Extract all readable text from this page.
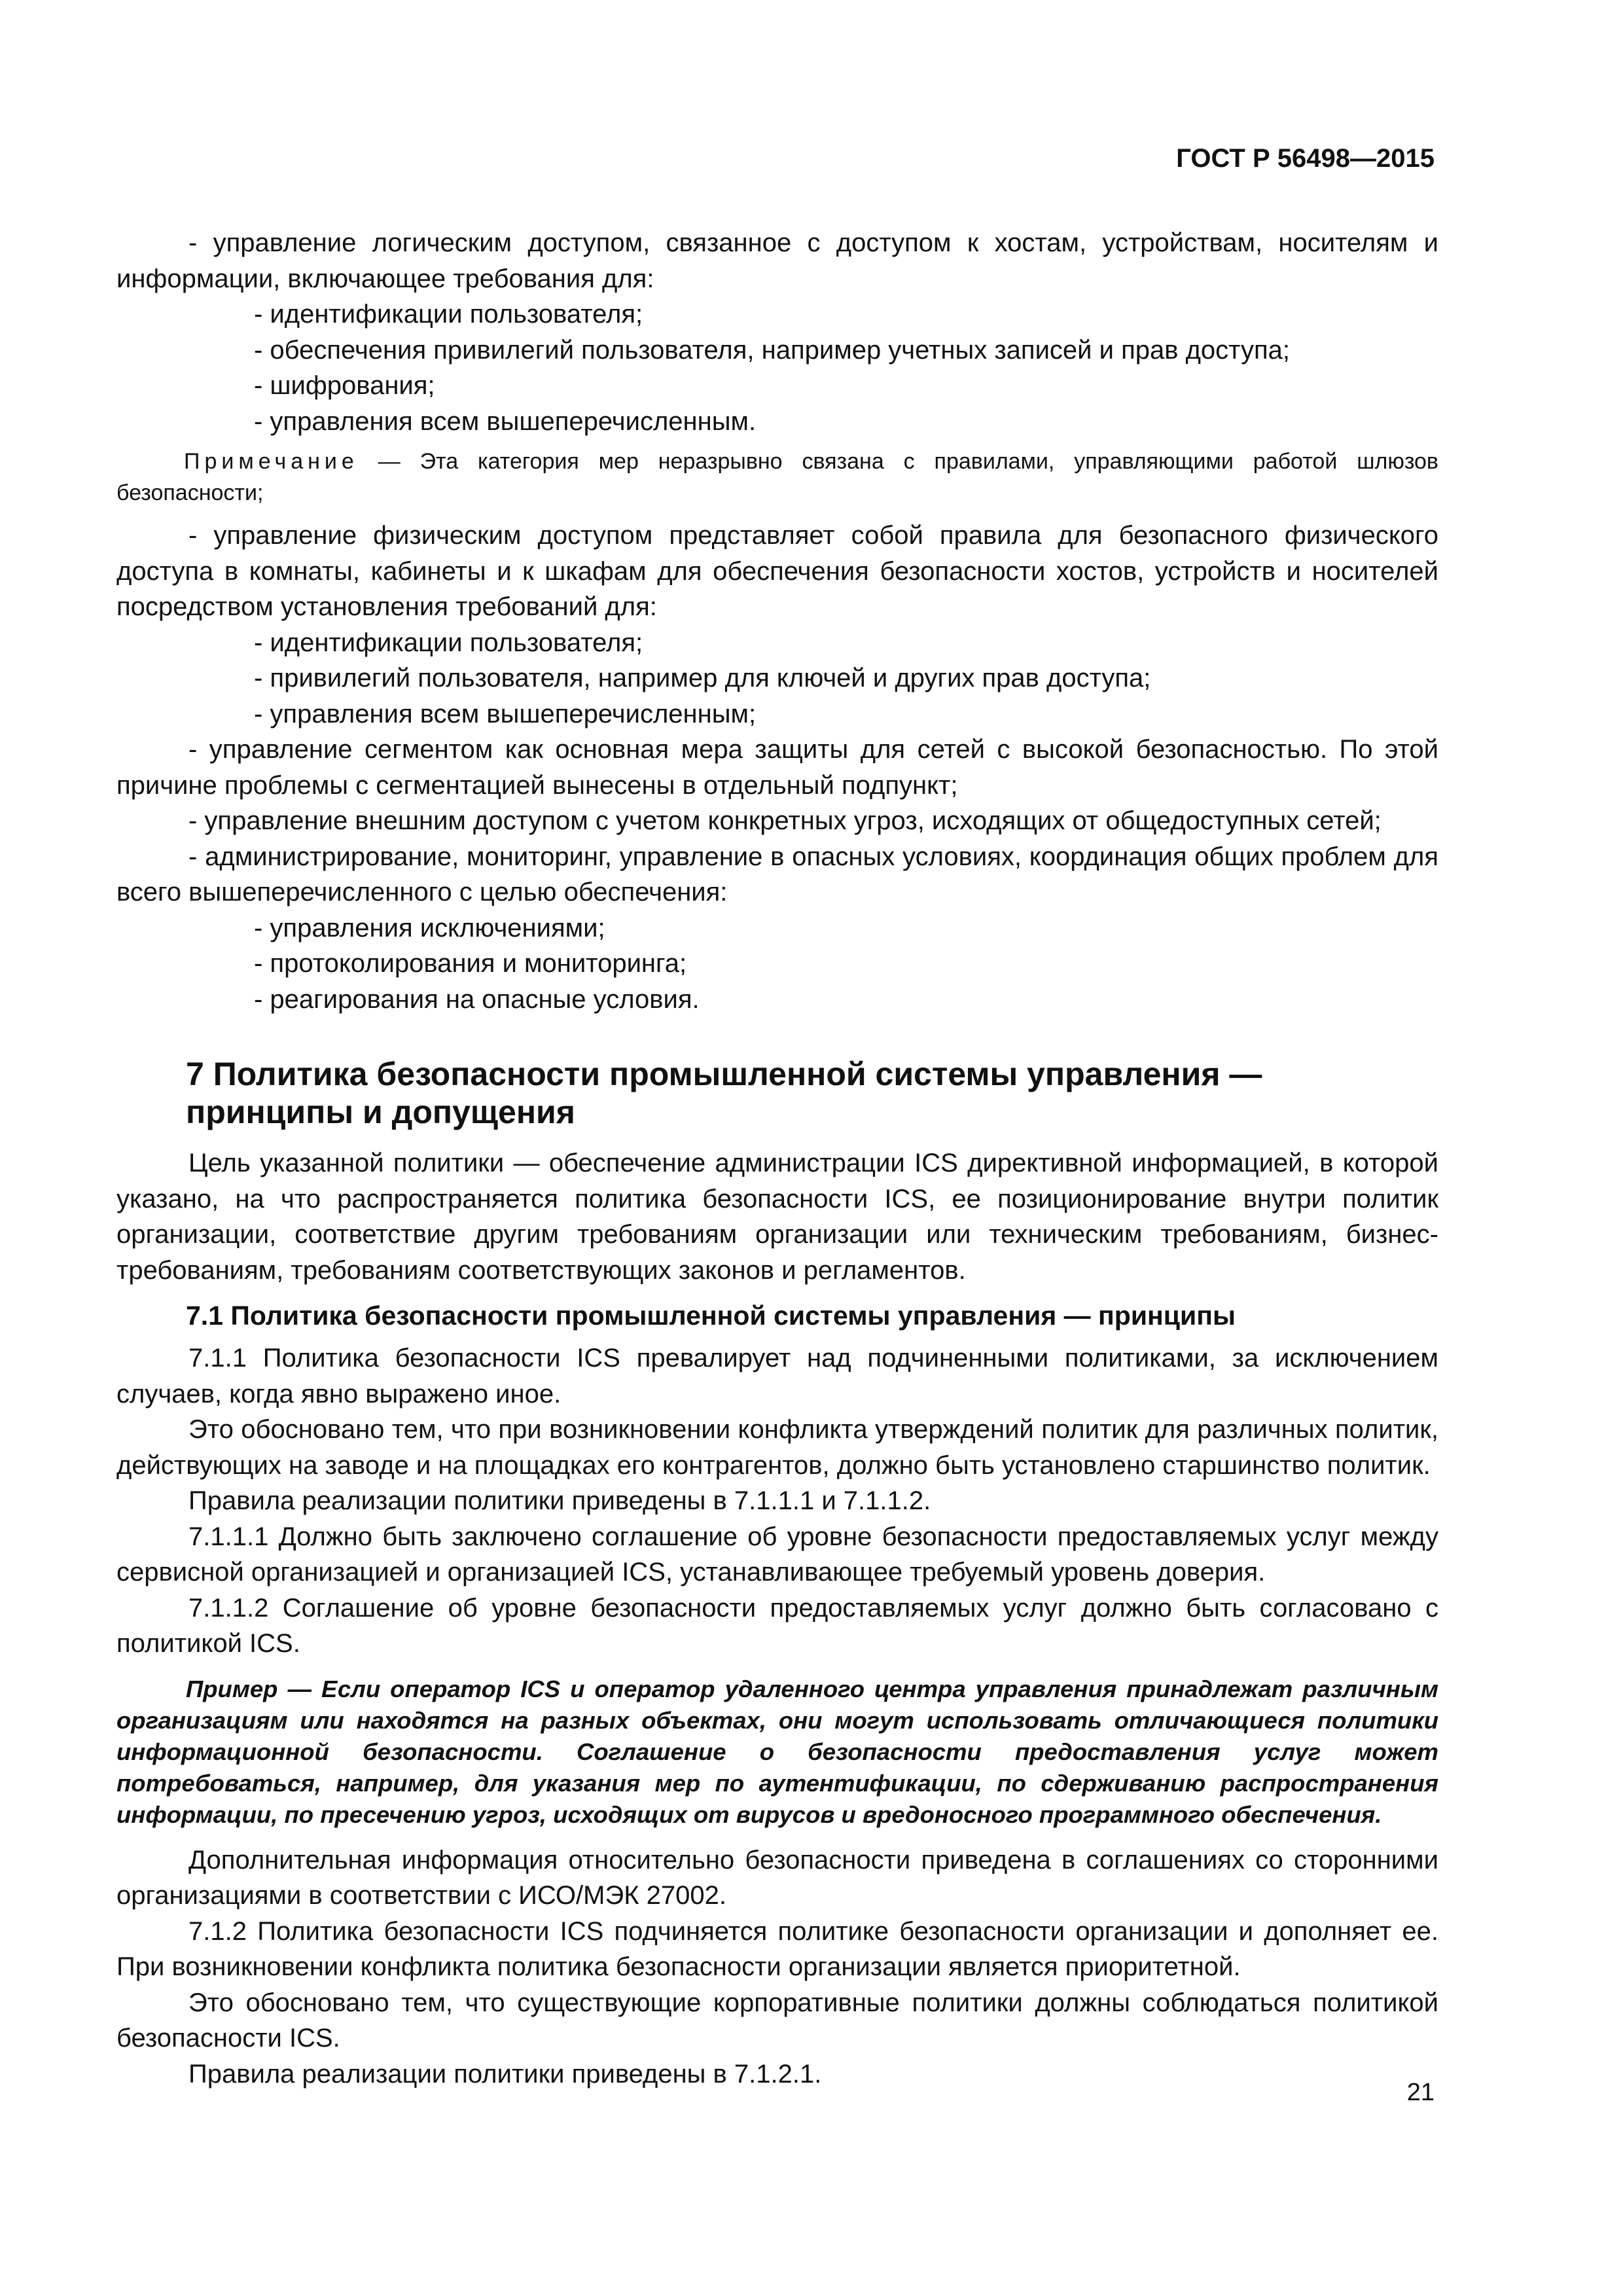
ГОСТ Р 56498—2015

- управление логическим доступом, связанное с доступом к хостам, устройствам, носителям и информации, включающее требования для:

- идентификации пользователя;

- обеспечения привилегий пользователя, например учетных записей и прав доступа;

- шифрования;

- управления всем вышеперечисленным.

Примечание — Эта категория мер неразрывно связана с правилами, управляющими работой шлюзов безопасности;

- управление физическим доступом представляет собой правила для безопасного физического доступа в комнаты, кабинеты и к шкафам для обеспечения безопасности хостов, устройств и носителей посредством установления требований для:

- идентификации пользователя;

- привилегий пользователя, например для ключей и других прав доступа;

- управления всем вышеперечисленным;

- управление сегментом как основная мера защиты для сетей с высокой безопасностью. По этой причине проблемы с сегментацией вынесены в отдельный подпункт;

- управление внешним доступом с учетом конкретных угроз, исходящих от общедоступных сетей;

- администрирование, мониторинг, управление в опасных условиях, координация общих проблем для всего вышеперечисленного с целью обеспечения:

- управления исключениями;

- протоколирования и мониторинга;

- реагирования на опасные условия.

7 Политика безопасности промышленной системы управления —
принципы и допущения

Цель указанной политики — обеспечение администрации ICS директивной информацией, в которой указано, на что распространяется политика безопасности ICS, ее позиционирование внутри политик организации, соответствие другим требованиям организации или техническим требованиям, бизнес-требованиям, требованиям соответствующих законов и регламентов.

7.1 Политика безопасности промышленной системы управления — принципы

7.1.1 Политика безопасности ICS превалирует над подчиненными политиками, за исключением случаев, когда явно выражено иное.

Это обосновано тем, что при возникновении конфликта утверждений политик для различных политик, действующих на заводе и на площадках его контрагентов, должно быть установлено старшинство политик.

Правила реализации политики приведены в 7.1.1.1 и 7.1.1.2.

7.1.1.1 Должно быть заключено соглашение об уровне безопасности предоставляемых услуг между сервисной организацией и организацией ICS, устанавливающее требуемый уровень доверия.

7.1.1.2 Соглашение об уровне безопасности предоставляемых услуг должно быть согласовано с политикой ICS.

Пример — Если оператор ICS и оператор удаленного центра управления принадлежат различным организациям или находятся на разных объектах, они могут использовать отличающиеся политики информационной безопасности. Соглашение о безопасности предоставления услуг может потребоваться, например, для указания мер по аутентификации, по сдерживанию распространения информации, по пресечению угроз, исходящих от вирусов и вредоносного программного обеспечения.

Дополнительная информация относительно безопасности приведена в соглашениях со сторонними организациями в соответствии с ИСО/МЭК 27002.

7.1.2 Политика безопасности ICS подчиняется политике безопасности организации и дополняет ее. При возникновении конфликта политика безопасности организации является приоритетной.

Это обосновано тем, что существующие корпоративные политики должны соблюдаться политикой безопасности ICS.

Правила реализации политики приведены в 7.1.2.1.

21
